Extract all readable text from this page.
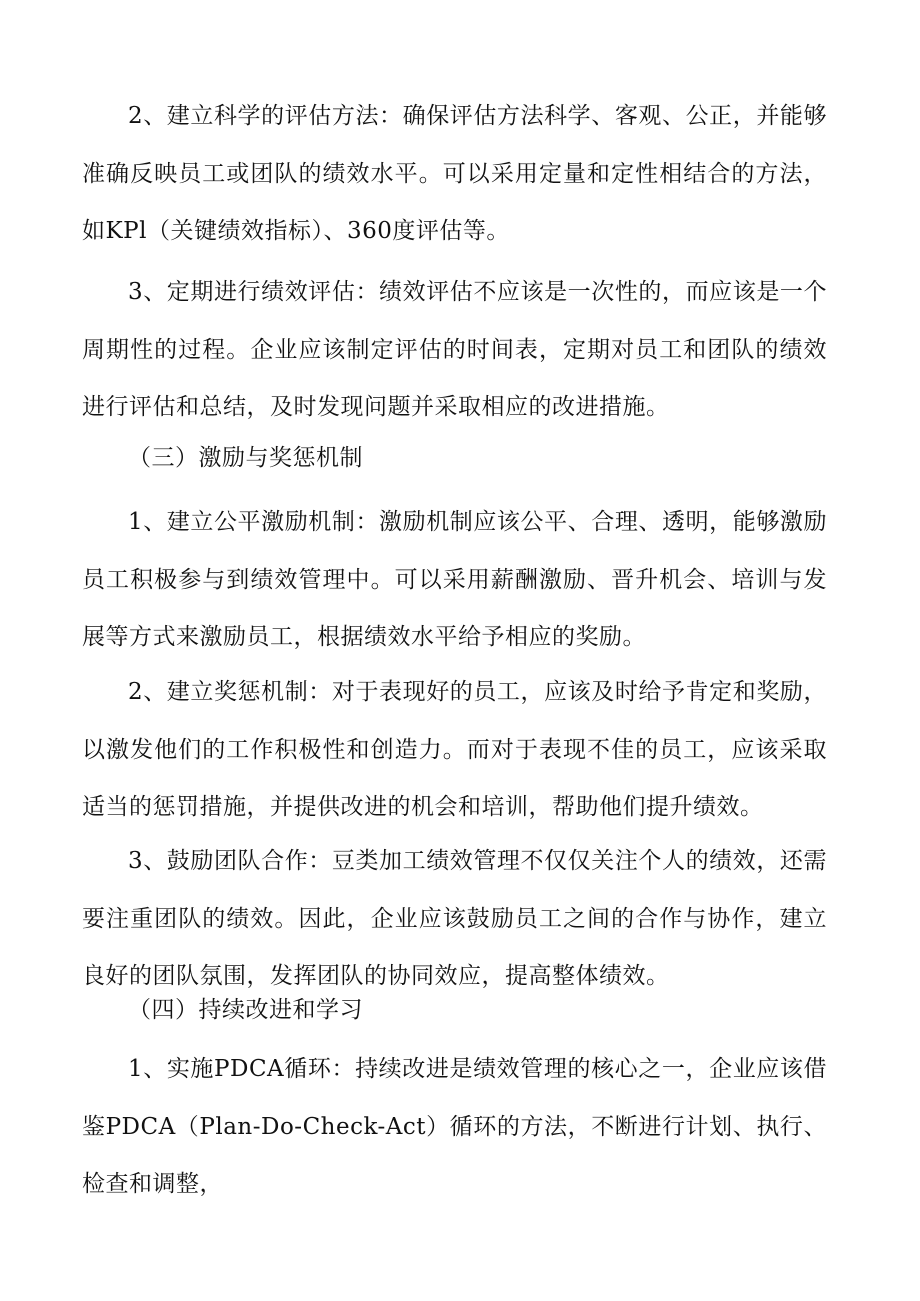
2、建立科学的评估方法：确保评估方法科学、客观、公正，并能够准确反映员工或团队的绩效水平。可以采用定量和定性相结合的方法，如KPl（关键绩效指标）、360度评估等。

3、定期进行绩效评估：绩效评估不应该是一次性的，而应该是一个周期性的过程。企业应该制定评估的时间表，定期对员工和团队的绩效进行评估和总结，及时发现问题并采取相应的改进措施。

（三）激励与奖惩机制

1、建立公平激励机制：激励机制应该公平、合理、透明，能够激励员工积极参与到绩效管理中。可以采用薪酬激励、晋升机会、培训与发展等方式来激励员工，根据绩效水平给予相应的奖励。

2、建立奖惩机制：对于表现好的员工，应该及时给予肯定和奖励，以激发他们的工作积极性和创造力。而对于表现不佳的员工，应该采取适当的惩罚措施，并提供改进的机会和培训，帮助他们提升绩效。

3、鼓励团队合作：豆类加工绩效管理不仅仅关注个人的绩效，还需要注重团队的绩效。因此，企业应该鼓励员工之间的合作与协作，建立良好的团队氛围，发挥团队的协同效应，提高整体绩效。

（四）持续改进和学习

1、实施PDCA循环：持续改进是绩效管理的核心之一，企业应该借鉴PDCA（Plan-Do-Check-Act）循环的方法，不断进行计划、执行、检查和调整，
